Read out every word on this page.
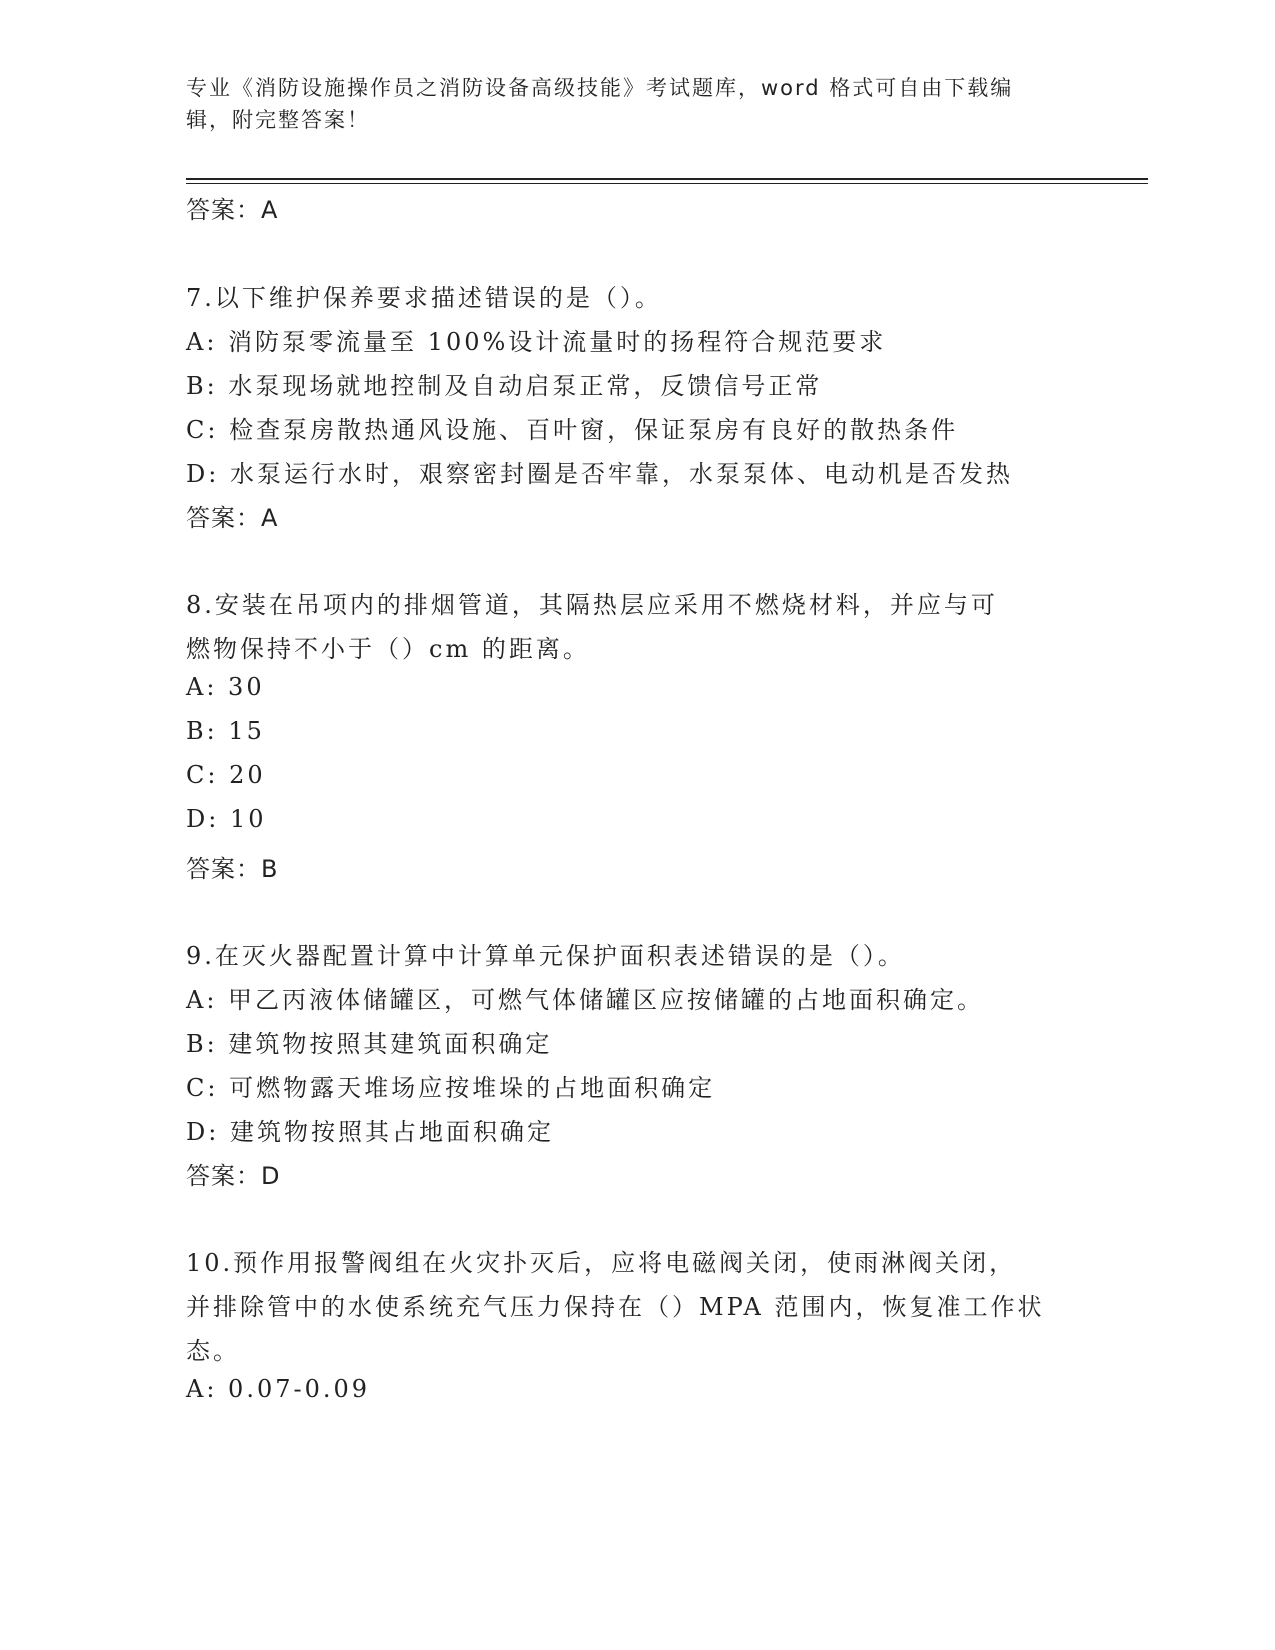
专业《消防设施操作员之消防设备高级技能》考试题库，word 格式可自由下载编
辑，附完整答案！
答案：A
7.以下维护保养要求描述错误的是（）。
A: 消防泵零流量至 100%设计流量时的扬程符合规范要求
B: 水泵现场就地控制及自动启泵正常，反馈信号正常
C: 检查泵房散热通风设施、百叶窗，保证泵房有良好的散热条件
D: 水泵运行水时，艰察密封圈是否牢靠，水泵泵体、电动机是否发热
答案：A
8.安装在吊项内的排烟管道，其隔热层应采用不燃烧材料，并应与可
燃物保持不小于（）cm 的距离。
A: 30
B: 15
C: 20
D: 10
答案：B
9.在灭火器配置计算中计算单元保护面积表述错误的是（）。
A: 甲乙丙液体储罐区，可燃气体储罐区应按储罐的占地面积确定。
B: 建筑物按照其建筑面积确定
C: 可燃物露天堆场应按堆垛的占地面积确定
D: 建筑物按照其占地面积确定
答案：D
10.预作用报警阀组在火灾扑灭后，应将电磁阀关闭，使雨淋阀关闭，
并排除管中的水使系统充气压力保持在（）MPA 范围内，恢复准工作状
态。
A: 0.07-0.09
